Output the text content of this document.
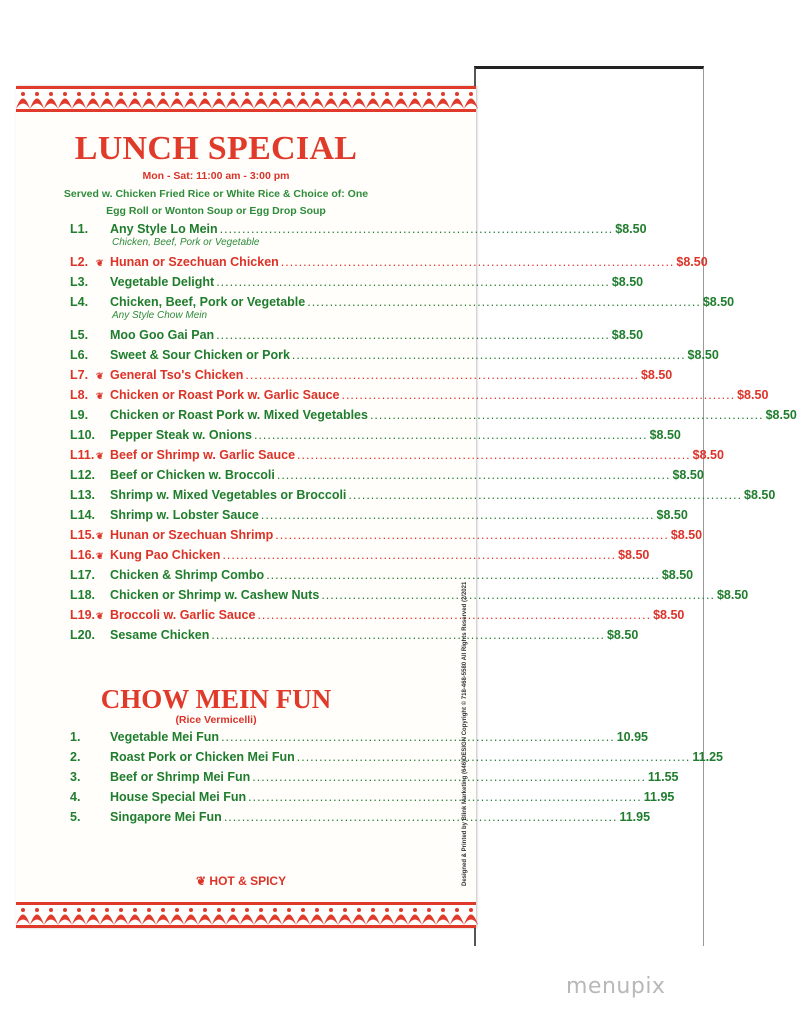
LUNCH SPECIAL
Mon - Sat: 11:00 am - 3:00 pm
Served w. Chicken Fried Rice or White Rice & Choice of: One
Egg Roll or Wonton Soup or Egg Drop Soup
L1.	Any Style Lo Mein ........................................................................................ $8.50
Chicken, Beef, Pork or Vegetable
L2. ❦ Hunan or Szechuan Chicken ........................................................................................ $8.50
L3.	Vegetable Delight ........................................................................................ $8.50
L4.	Chicken, Beef, Pork or Vegetable ........................................................................................ $8.50
Any Style Chow Mein
L5.	Moo Goo Gai Pan ........................................................................................ $8.50
L6.	Sweet & Sour Chicken or Pork ........................................................................................ $8.50
L7. ❦ General Tso's Chicken ........................................................................................ $8.50
L8. ❦ Chicken or Roast Pork w. Garlic Sauce ........................................................................................ $8.50
L9.	Chicken or Roast Pork w. Mixed Vegetables ........................................................................................ $8.50
L10.	Pepper Steak w. Onions ........................................................................................ $8.50
L11. ❦ Beef or Shrimp w. Garlic Sauce ........................................................................................ $8.50
L12.	Beef or Chicken w. Broccoli ........................................................................................ $8.50
L13.	Shrimp w. Mixed Vegetables or Broccoli ........................................................................................ $8.50
L14.	Shrimp w. Lobster Sauce ........................................................................................ $8.50
L15. ❦ Hunan or Szechuan Shrimp ........................................................................................ $8.50
L16. ❦ Kung Pao Chicken ........................................................................................ $8.50
L17.	Chicken & Shrimp Combo ........................................................................................ $8.50
L18.	Chicken or Shrimp w. Cashew Nuts ........................................................................................ $8.50
L19. ❦ Broccoli w. Garlic Sauce ........................................................................................ $8.50
L20.	Sesame Chicken ........................................................................................ $8.50
CHOW MEIN FUN
(Rice Vermicelli)
1.	Vegetable Mei Fun ........................................................................................ 10.95
2.	Roast Pork or Chicken Mei Fun ........................................................................................ 11.25
3.	Beef or Shrimp Mei Fun ........................................................................................ 11.55
4.	House Special Mei Fun ........................................................................................ 11.95
5.	Singapore Mei Fun ........................................................................................ 11.95
❦ HOT & SPICY	Designed & Printed by Blink Marketing (646)DESIGN Copyright © 718-468-5580 All Rights Reserved (2/2021
menupix
